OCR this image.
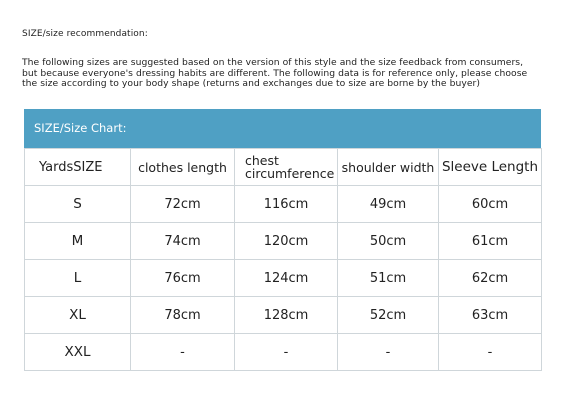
SIZE/size recommendation:
The following sizes are suggested based on the version of this style and the size feedback from consumers,
but because everyone's dressing habits are different. The following data is for reference only, please choose
the size according to your body shape (returns and exchanges due to size are borne by the buyer)
SIZE/Size Chart:
YardsSIZE	clothes length	chest circumference	shoulder width	Sleeve Length
S	72cm	116cm	49cm	60cm
M	74cm	120cm	50cm	61cm
L	76cm	124cm	51cm	62cm
XL	78cm	128cm	52cm	63cm
XXL	-	-	-	-
